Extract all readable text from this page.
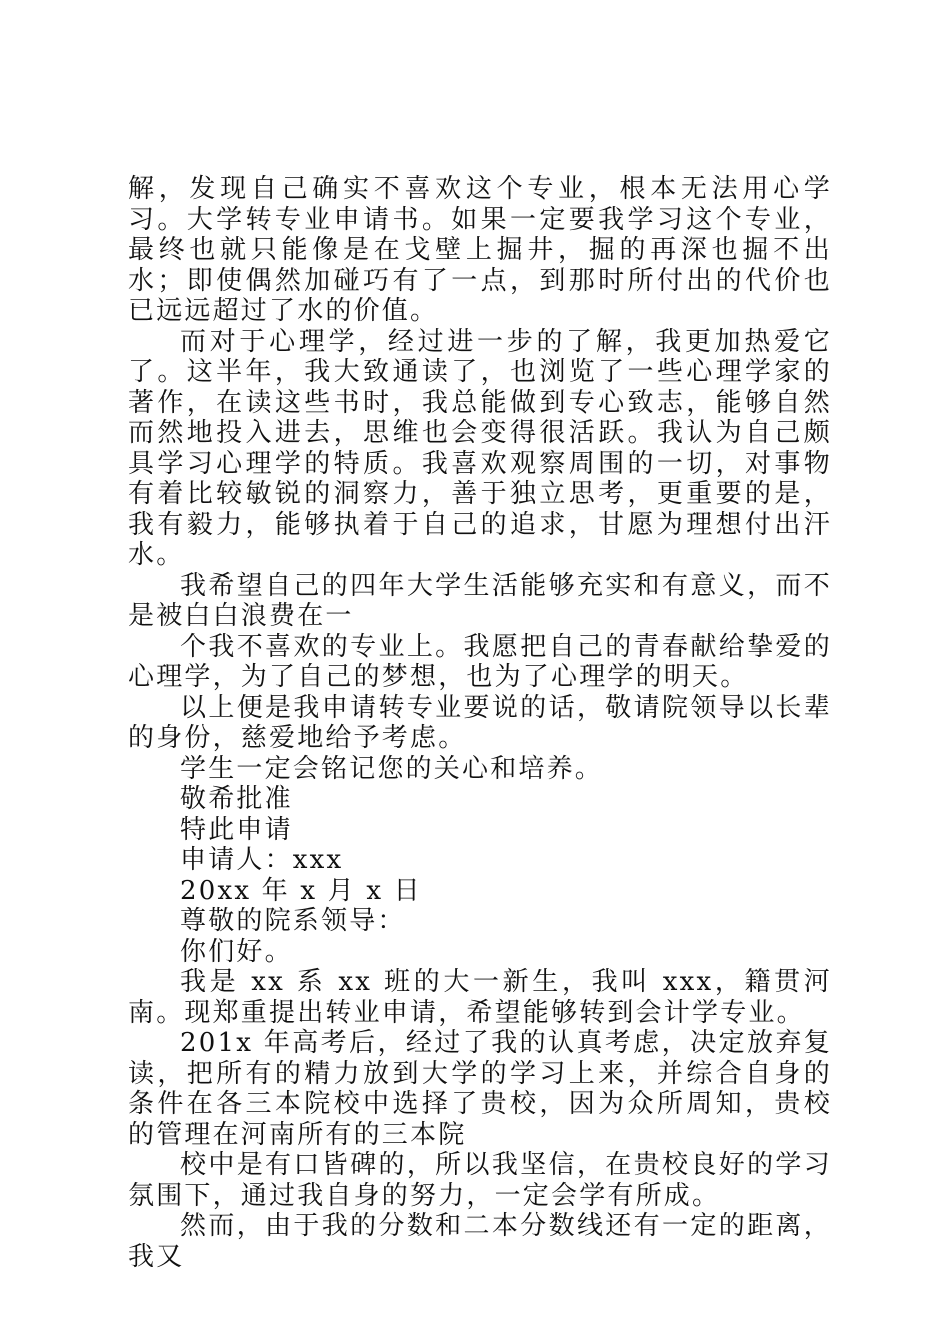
解，发现自己确实不喜欢这个专业，根本无法用心学习。大学转专业申请书。如果一定要我学习这个专业，最终也就只能像是在戈壁上掘井，掘的再深也掘不出水；即使偶然加碰巧有了一点，到那时所付出的代价也已远远超过了水的价值。

而对于心理学，经过进一步的了解，我更加热爱它了。这半年，我大致通读了，也浏览了一些心理学家的著作，在读这些书时，我总能做到专心致志，能够自然而然地投入进去，思维也会变得很活跃。我认为自己颇具学习心理学的特质。我喜欢观察周围的一切，对事物有着比较敏锐的洞察力，善于独立思考，更重要的是，我有毅力，能够执着于自己的追求，甘愿为理想付出汗水。

我希望自己的四年大学生活能够充实和有意义，而不是被白白浪费在一

个我不喜欢的专业上。我愿把自己的青春献给挚爱的心理学，为了自己的梦想，也为了心理学的明天。

以上便是我申请转专业要说的话，敬请院领导以长辈的身份，慈爱地给予考虑。

学生一定会铭记您的关心和培养。

敬希批准

特此申请

申请人：xxx

20xx 年 x 月 x 日

尊敬的院系领导：

你们好。

我是 xx 系 xx 班的大一新生，我叫 xxx，籍贯河南。现郑重提出转业申请，希望能够转到会计学专业。

201x 年高考后，经过了我的认真考虑，决定放弃复读，把所有的精力放到大学的学习上来，并综合自身的条件在各三本院校中选择了贵校，因为众所周知，贵校的管理在河南所有的三本院

校中是有口皆碑的，所以我坚信，在贵校良好的学习氛围下，通过我自身的努力，一定会学有所成。

然而，由于我的分数和二本分数线还有一定的距离，我又
